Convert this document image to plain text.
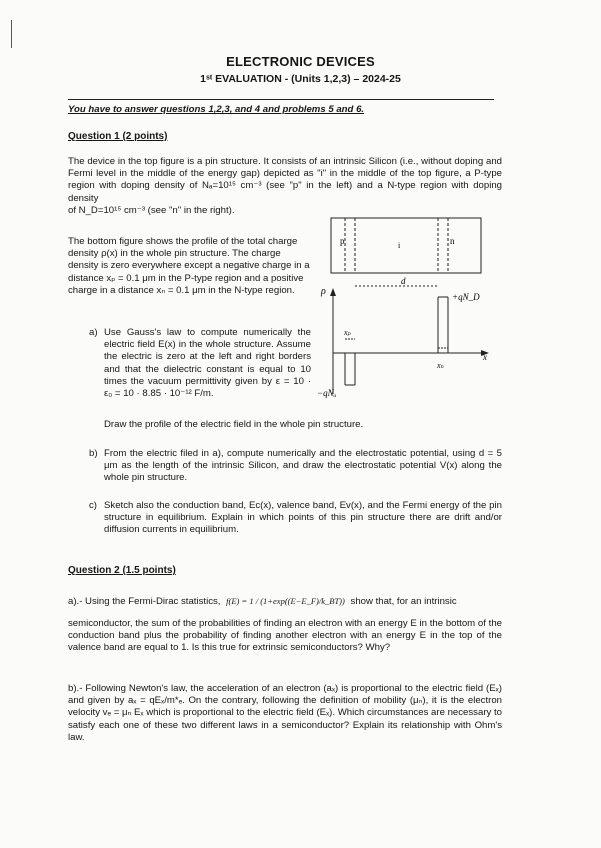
ELECTRONIC DEVICES
1ˢᵗ EVALUATION - (Units 1,2,3) – 2024-25
You have to answer questions 1,2,3, and 4 and problems 5 and 6.
Question 1 (2 points)
The device in the top figure is a pin structure. It consists of an intrinsic Silicon (i.e., without doping and Fermi level in the middle of the energy gap) depicted as "i" in the middle of the top figure, a P-type region with doping density of Nₐ=10¹⁵ cm⁻³ (see "p" in the left) and a N-type region with doping density
of N_D=10¹⁵ cm⁻³ (see "n" in the right).
The bottom figure shows the profile of the total charge density ρ(x) in the whole pin structure. The charge density is zero everywhere except a negative charge in a distance xₚ = 0.1 μm in the P-type region and a positive charge in a distance xₙ = 0.1 μm in the N-type region.
a) Use Gauss's law to compute numerically the electric field E(x) in the whole structure. Assume the electric is zero at the left and right borders and that the dielectric constant is equal to 10 times the vacuum permittivity given by ε = 10 · ε₀ = 10 · 8.85 · 10⁻¹² F/m.
Draw the profile of the electric field in the whole pin structure.
b) From the electric filed in a), compute numerically and the electrostatic potential, using d = 5 μm as the length of the intrinsic Silicon, and draw the electrostatic potential V(x) along the whole pin structure.
c) Sketch also the conduction band, Ec(x), valence band, Ev(x), and the Fermi energy of the pin structure in equilibrium. Explain in which points of this pin structure there are drift and/or diffusion currents in equilibrium.
p	i	n
d
ρ
x
+qN_D
−qNₐ
xₚ
xₙ
Question 2 (1.5 points)
a).- Using the Fermi-Dirac statistics, f(E) = 1 / (1+exp((E−E_F)/k_BT)) show that, for an intrinsic
semiconductor, the sum of the probabilities of finding an electron with an energy E in the bottom of the conduction band plus the probability of finding another electron with an energy E in the top of the valence band are equal to 1. Is this true for extrinsic semiconductors? Why?
b).- Following Newton's law, the acceleration of an electron (aₓ) is proportional to the electric field (Eₓ) and given by aₓ = qEₓ/m*ₑ. On the contrary, following the definition of mobility (μₙ), it is the electron velocity vₑ = μₙ Eₓ which is proportional to the electric field (Eₓ). Which circumstances are necessary to satisfy each one of these two different laws in a semiconductor? Explain its relationship with Ohm's law.
